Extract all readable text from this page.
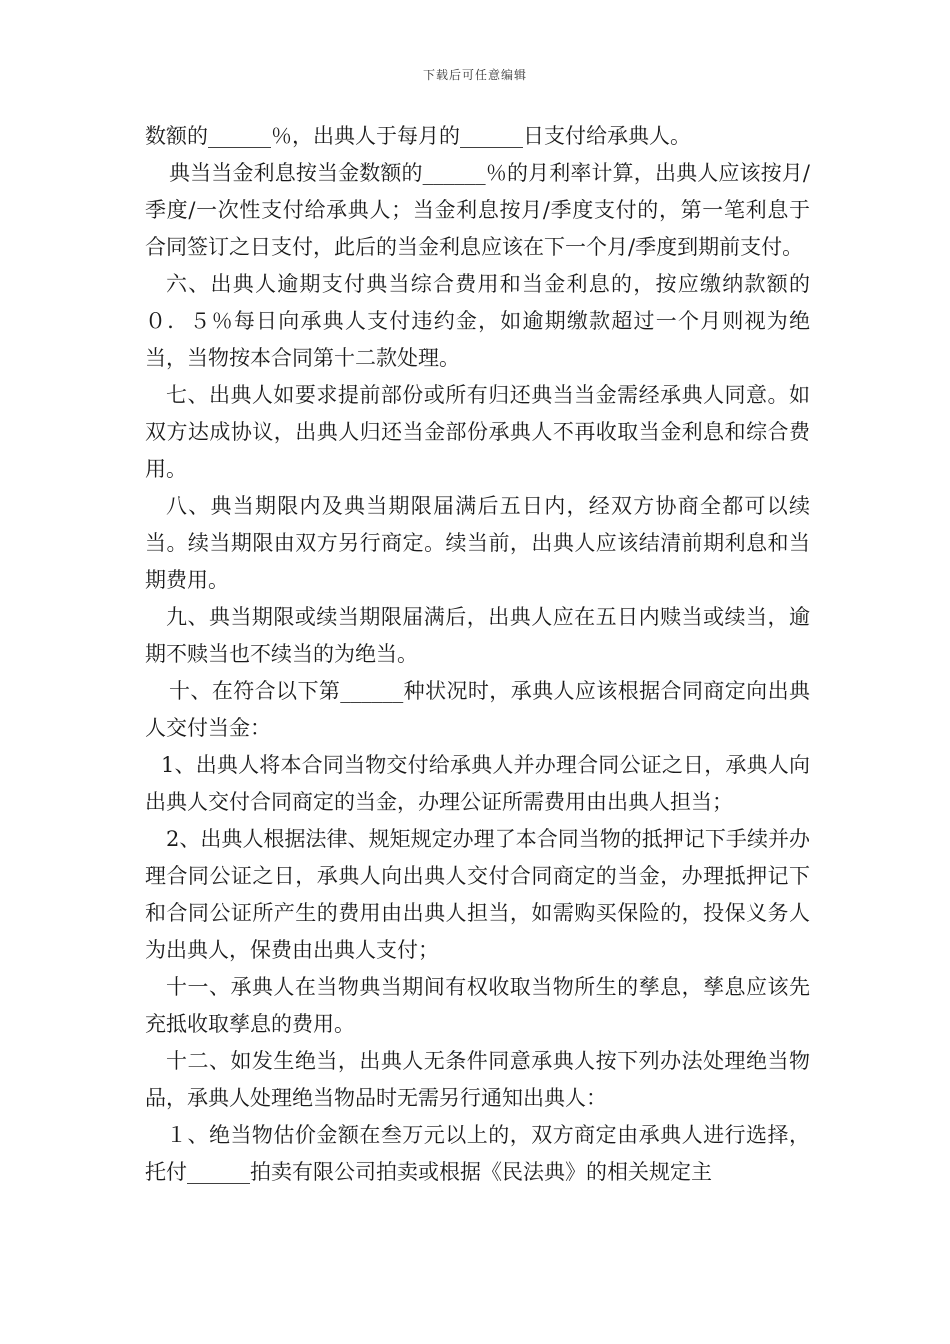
下载后可任意编辑

数额的______％，出典人于每月的______日支付给承典人。

典当当金利息按当金数额的______％的月利率计算，出典人应该按月/季度/一次性支付给承典人；当金利息按月/季度支付的，第一笔利息于合同签订之日支付，此后的当金利息应该在下一个月/季度到期前支付。

六、出典人逾期支付典当综合费用和当金利息的，按应缴纳款额的０．５％每日向承典人支付违约金，如逾期缴款超过一个月则视为绝当，当物按本合同第十二款处理。

七、出典人如要求提前部份或所有归还典当当金需经承典人同意。如双方达成协议，出典人归还当金部份承典人不再收取当金利息和综合费用。

八、典当期限内及典当期限届满后五日内，经双方协商全都可以续当。续当期限由双方另行商定。续当前，出典人应该结清前期利息和当期费用。

九、典当期限或续当期限届满后，出典人应在五日内赎当或续当，逾期不赎当也不续当的为绝当。

十、在符合以下第______种状况时，承典人应该根据合同商定向出典人交付当金：

1、出典人将本合同当物交付给承典人并办理合同公证之日，承典人向出典人交付合同商定的当金，办理公证所需费用由出典人担当；

2、出典人根据法律、规矩规定办理了本合同当物的抵押记下手续并办理合同公证之日，承典人向出典人交付合同商定的当金，办理抵押记下和合同公证所产生的费用由出典人担当，如需购买保险的，投保义务人为出典人，保费由出典人支付；

十一、承典人在当物典当期间有权收取当物所生的孳息，孳息应该先充抵收取孳息的费用。

十二、如发生绝当，出典人无条件同意承典人按下列办法处理绝当物品，承典人处理绝当物品时无需另行通知出典人：

１、绝当物估价金额在叁万元以上的，双方商定由承典人进行选择，托付______拍卖有限公司拍卖或根据《民法典》的相关规定主
